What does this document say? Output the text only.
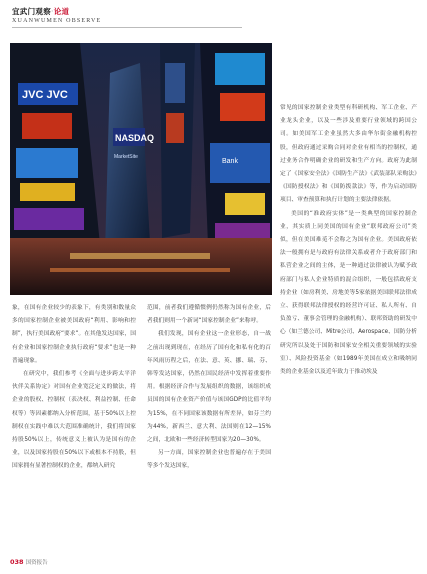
宜武门观察·论道
XUANWUMEN OBSERVE
JVC JVC
NASDAQ
MarketSite
Bank

常见的国家控制企业类型有科研机构、军工企业、产业龙头企业，以及一些涉及重要行业领域的跨国公司。如美国军工企业虽然大多由华尔街金融机构控股，但政府通过采购合同对企业有相当的控制权，通过业务合作明确企业的研发和生产方向。政府为此制定了《国家安全法》《国防生产法》《武装部队采购法》《国防授权法》和《国防拨款法》等，作为启动国防项目、审查预算和执行计划的主要法律依据。

美国的“准政府实体”是一类典型的国家控制企业，其实质上同美国的国有企业“联邦政府公司”类似，但在美国难觅不会称之为国有企业。美国政府依法一般拥有是与政府有法律关系或者介于政府部门和私营企业之间的主体，是一种通过法律被认为赋予政府部门与私人企业特质的混合组织，一般包括政府支持企业（如房利美、房地美等5家依据美国联邦法律成立、获得联邦法律授权的经营许可证、私人所有、自负盈亏、董事会管理的金融机构）、联邦资助的研发中心（如兰德公司、Mitre公司、Aerospace、国防分析研究所以及处于国防和国家安全相关重要领域的实验室）、风险投资基金（如1989年美国在成立和吸纳同类的企业基金以及近年致力于推动埃及

象，在国有企业较少的表象下，有类别和数量众多的国家控制企业被美国政府“利用、影响和控制”，执行美国政府“要求”。在其他发达国家，国有企业和国家控制企业执行政府“要求”也是一种普遍现象。

在研究中，我们参考《全面与进步跨太平洋伙伴关系协定》对国有企业宽泛定义的做法，将企业的股权、控制权（表决权、利益控制、任命权等）等因素都纳入分析范围，基于50%以上控制权在实践中难以大范围准确统计，我们将国家持股50%以上，传统意义上被认为是国有的企业，以及国家持股在50%以下或根本不持股，但国家拥有显著控制权的企业，都纳入研究

范围，前者我们遵循惯例仍然称为国有企业，后者我们则用一个新词“国家控制企业”来称呼。

我们发现，国有企业这一企业形态，自一战之前出现到现在，在经历了国有化和私有化的百年风雨历程之后，在法、意、英、挪、瑞、芬、韩等发达国家，仍然在国民经济中发挥着重要作用。根据经济合作与发展组织的数据，该组织成员国的国有企业资产价值与该国GDP的比值平均为15%，在不同国家该数据有所差异，如芬兰约为44%，新西兰、意大利、法国则在12—15%之间，北欧和一些经济转型国家为20—30%。

另一方面，国家控制企业也普遍存在于美国等多个发达国家，

038 国资报告
